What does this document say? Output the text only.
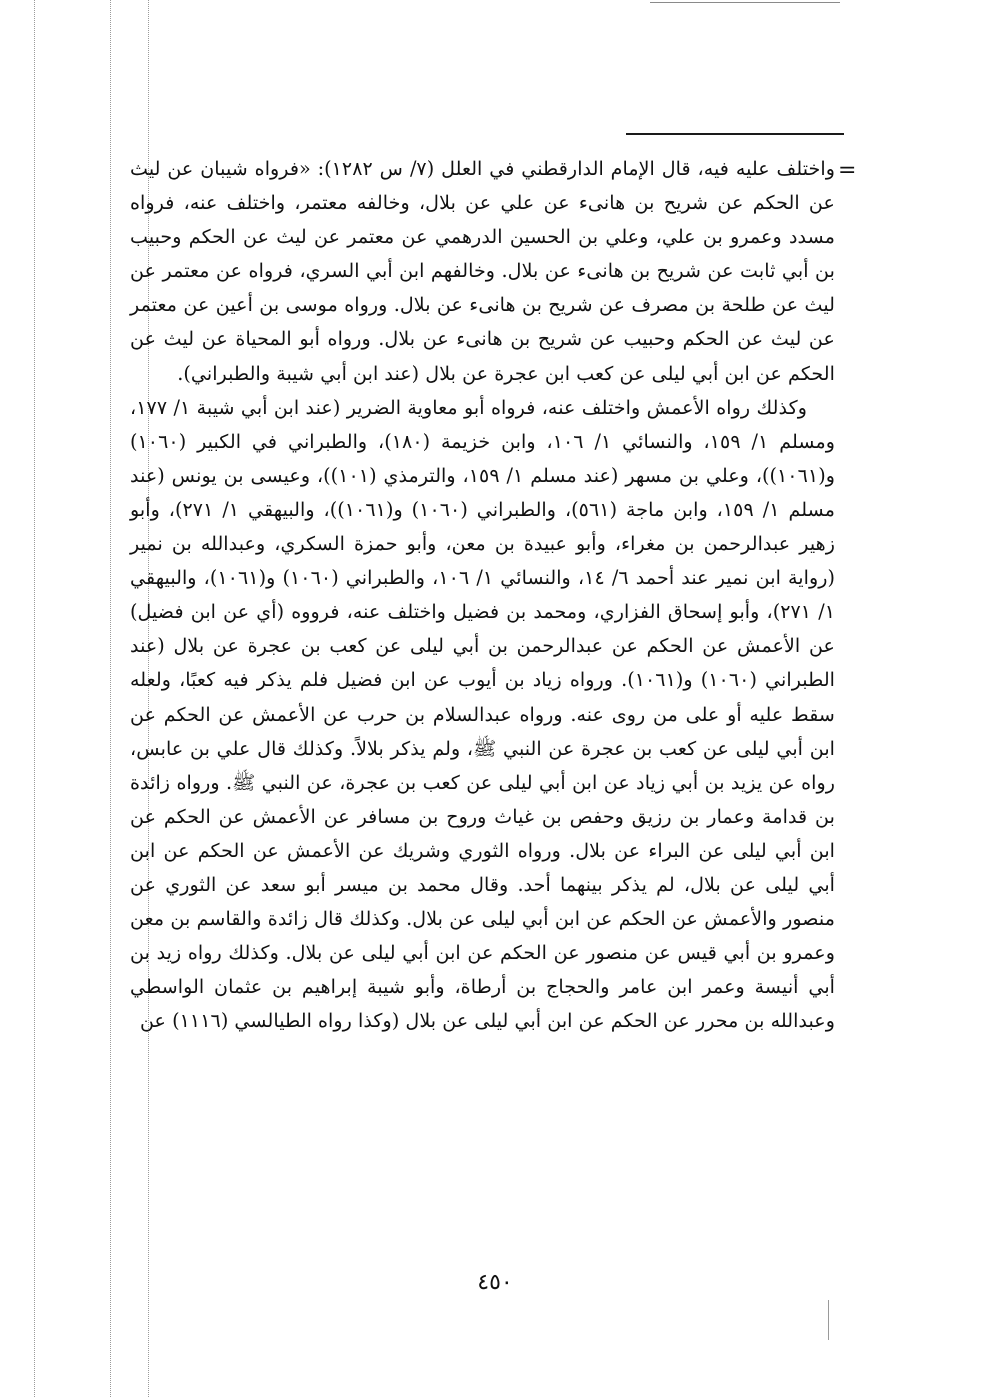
=

واختلف عليه فيه، قال الإمام الدارقطني في العلل (٧/ س ١٢٨٢): «فرواه شيبان عن ليث عن الحكم عن شريح بن هانىء عن علي عن بلال، وخالفه معتمر، واختلف عنه، فرواه مسدد وعمرو بن علي، وعلي بن الحسين الدرهمي عن معتمر عن ليث عن الحكم وحبيب بن أبي ثابت عن شريح بن هانىء عن بلال. وخالفهم ابن أبي السري، فرواه عن معتمر عن ليث عن طلحة بن مصرف عن شريح بن هانىء عن بلال. ورواه موسى بن أعين عن معتمر عن ليث عن الحكم وحبيب عن شريح بن هانىء عن بلال. ورواه أبو المحياة عن ليث عن الحكم عن ابن أبي ليلى عن كعب ابن عجرة عن بلال (عند ابن أبي شيبة والطبراني).

وكذلك رواه الأعمش واختلف عنه، فرواه أبو معاوية الضرير (عند ابن أبي شيبة ١/ ١٧٧، ومسلم ١/ ١٥٩، والنسائي ١/ ١٠٦، وابن خزيمة (١٨٠)، والطبراني في الكبير (١٠٦٠) و(١٠٦١))، وعلي بن مسهر (عند مسلم ١/ ١٥٩، والترمذي (١٠١))، وعيسى بن يونس (عند مسلم ١/ ١٥٩، وابن ماجة (٥٦١)، والطبراني (١٠٦٠) و(١٠٦١))، والبيهقي ١/ ٢٧١)، وأبو زهير عبدالرحمن بن مغراء، وأبو عبيدة بن معن، وأبو حمزة السكري، وعبدالله بن نمير (رواية ابن نمير عند أحمد ٦/ ١٤، والنسائي ١/ ١٠٦، والطبراني (١٠٦٠) و(١٠٦١)، والبيهقي ١/ ٢٧١)، وأبو إسحاق الفزاري، ومحمد بن فضيل واختلف عنه، فرووه (أي عن ابن فضيل) عن الأعمش عن الحكم عن عبدالرحمن بن أبي ليلى عن كعب بن عجرة عن بلال (عند الطبراني (١٠٦٠) و(١٠٦١). ورواه زياد بن أيوب عن ابن فضيل فلم يذكر فيه كعبًا، ولعله سقط عليه أو على من روى عنه. ورواه عبدالسلام بن حرب عن الأعمش عن الحكم عن ابن أبي ليلى عن كعب بن عجرة عن النبي ﷺ، ولم يذكر بلالاً. وكذلك قال علي بن عابس، رواه عن يزيد بن أبي زياد عن ابن أبي ليلى عن كعب بن عجرة، عن النبي ﷺ. ورواه زائدة بن قدامة وعمار بن رزيق وحفص بن غياث وروح بن مسافر عن الأعمش عن الحكم عن ابن أبي ليلى عن البراء عن بلال. ورواه الثوري وشريك عن الأعمش عن الحكم عن ابن أبي ليلى عن بلال، لم يذكر بينهما أحد. وقال محمد بن ميسر أبو سعد عن الثوري عن منصور والأعمش عن الحكم عن ابن أبي ليلى عن بلال. وكذلك قال زائدة والقاسم بن معن وعمرو بن أبي قيس عن منصور عن الحكم عن ابن أبي ليلى عن بلال. وكذلك رواه زيد بن أبي أنيسة وعمر ابن عامر والحجاج بن أرطاة، وأبو شيبة إبراهيم بن عثمان الواسطي وعبدالله بن محرر عن الحكم عن ابن أبي ليلى عن بلال (وكذا رواه الطيالسي (١١١٦) عن

٤٥٠
